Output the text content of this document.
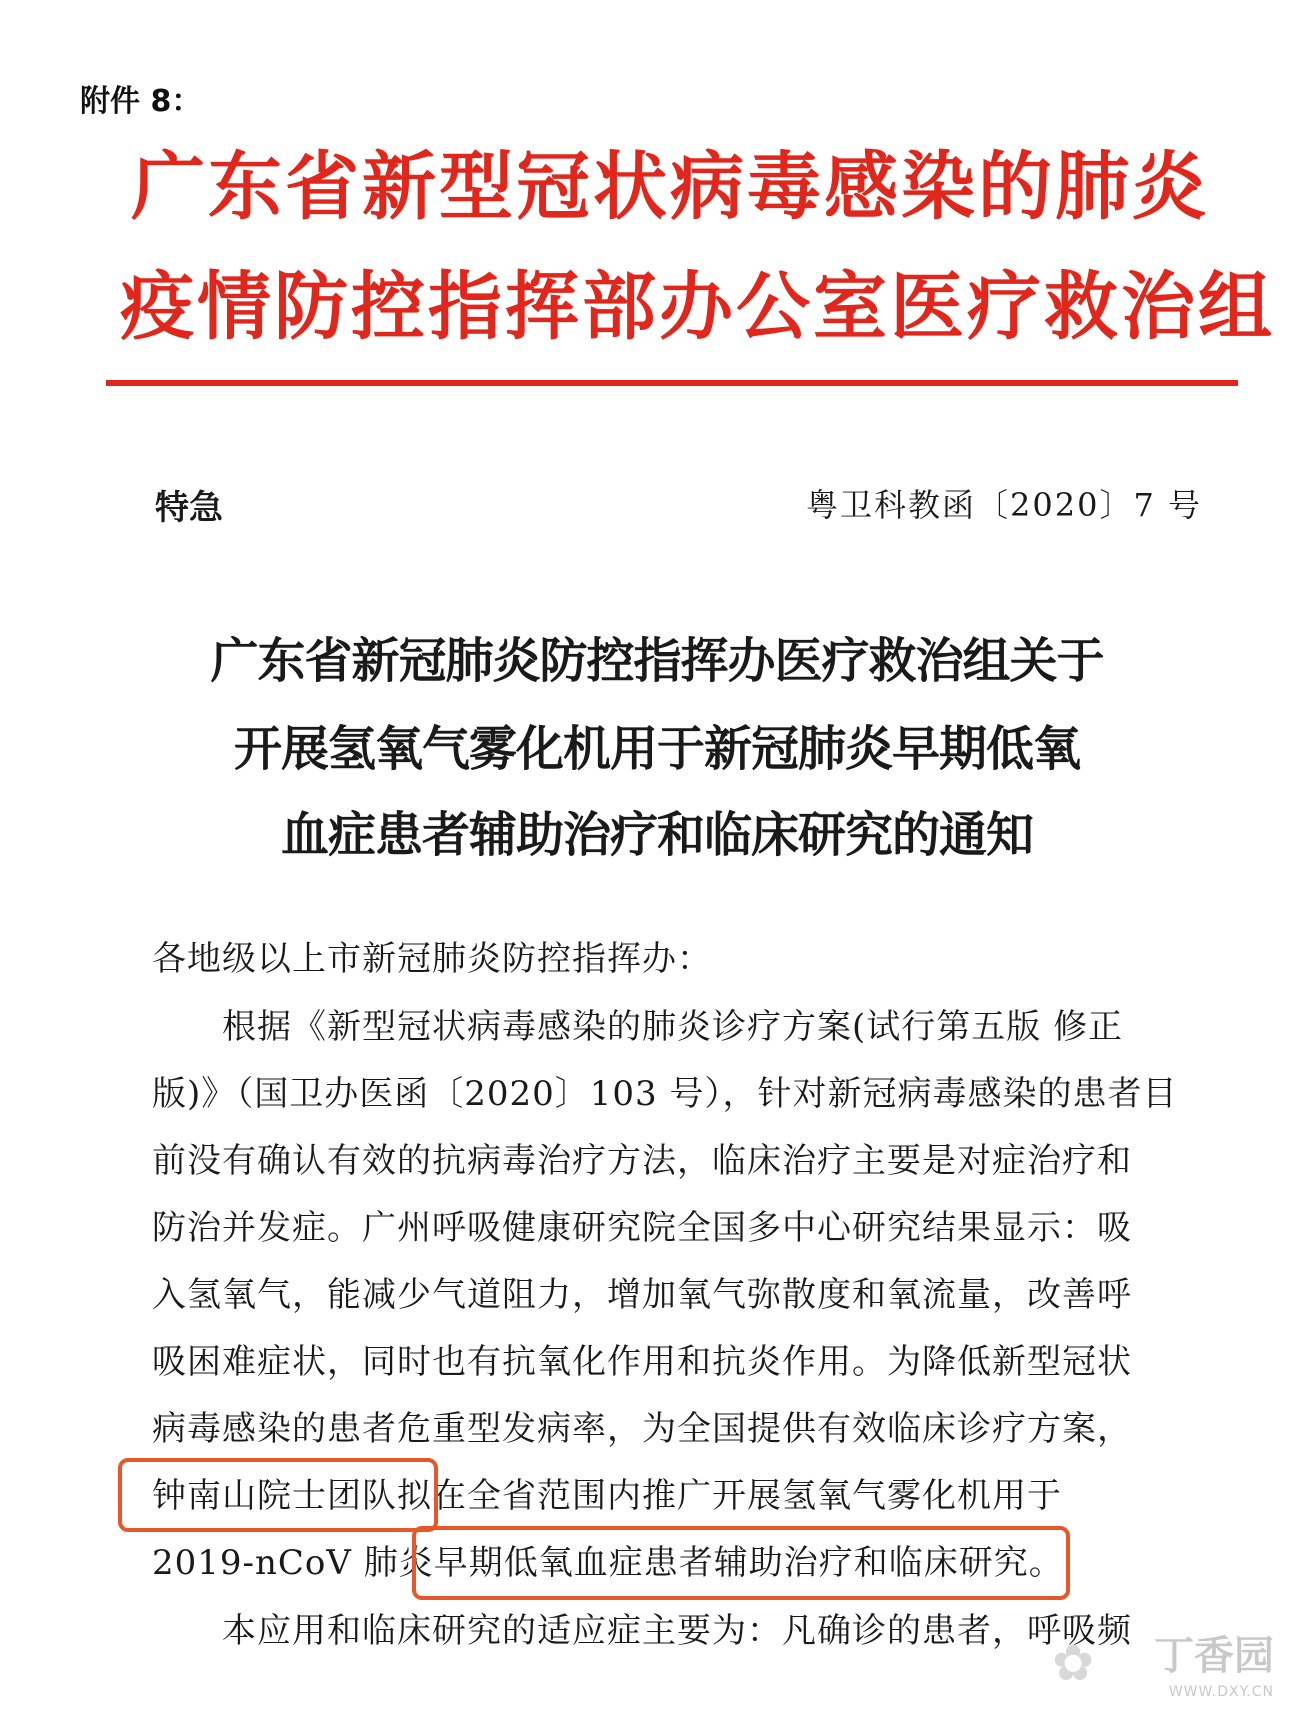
附件 8：
广东省新型冠状病毒感染的肺炎
疫情防控指挥部办公室医疗救治组
特急	粤卫科教函〔2020〕7 号
广东省新冠肺炎防控指挥办医疗救治组关于
开展氢氧气雾化机用于新冠肺炎早期低氧
血症患者辅助治疗和临床研究的通知
各地级以上市新冠肺炎防控指挥办：
根据《新型冠状病毒感染的肺炎诊疗方案(试行第五版 修正
版)》（国卫办医函〔2020〕103 号），针对新冠病毒感染的患者目
前没有确认有效的抗病毒治疗方法，临床治疗主要是对症治疗和
防治并发症。广州呼吸健康研究院全国多中心研究结果显示：吸
入氢氧气，能减少气道阻力，增加氧气弥散度和氧流量，改善呼
吸困难症状，同时也有抗氧化作用和抗炎作用。为降低新型冠状
病毒感染的患者危重型发病率，为全国提供有效临床诊疗方案，
钟南山院士团队拟在全省范围内推广开展氢氧气雾化机用于
2019-nCoV 肺炎早期低氧血症患者辅助治疗和临床研究。
本应用和临床研究的适应症主要为：凡确诊的患者，呼吸频
✿ 丁香园
WWW.DXY.CN
